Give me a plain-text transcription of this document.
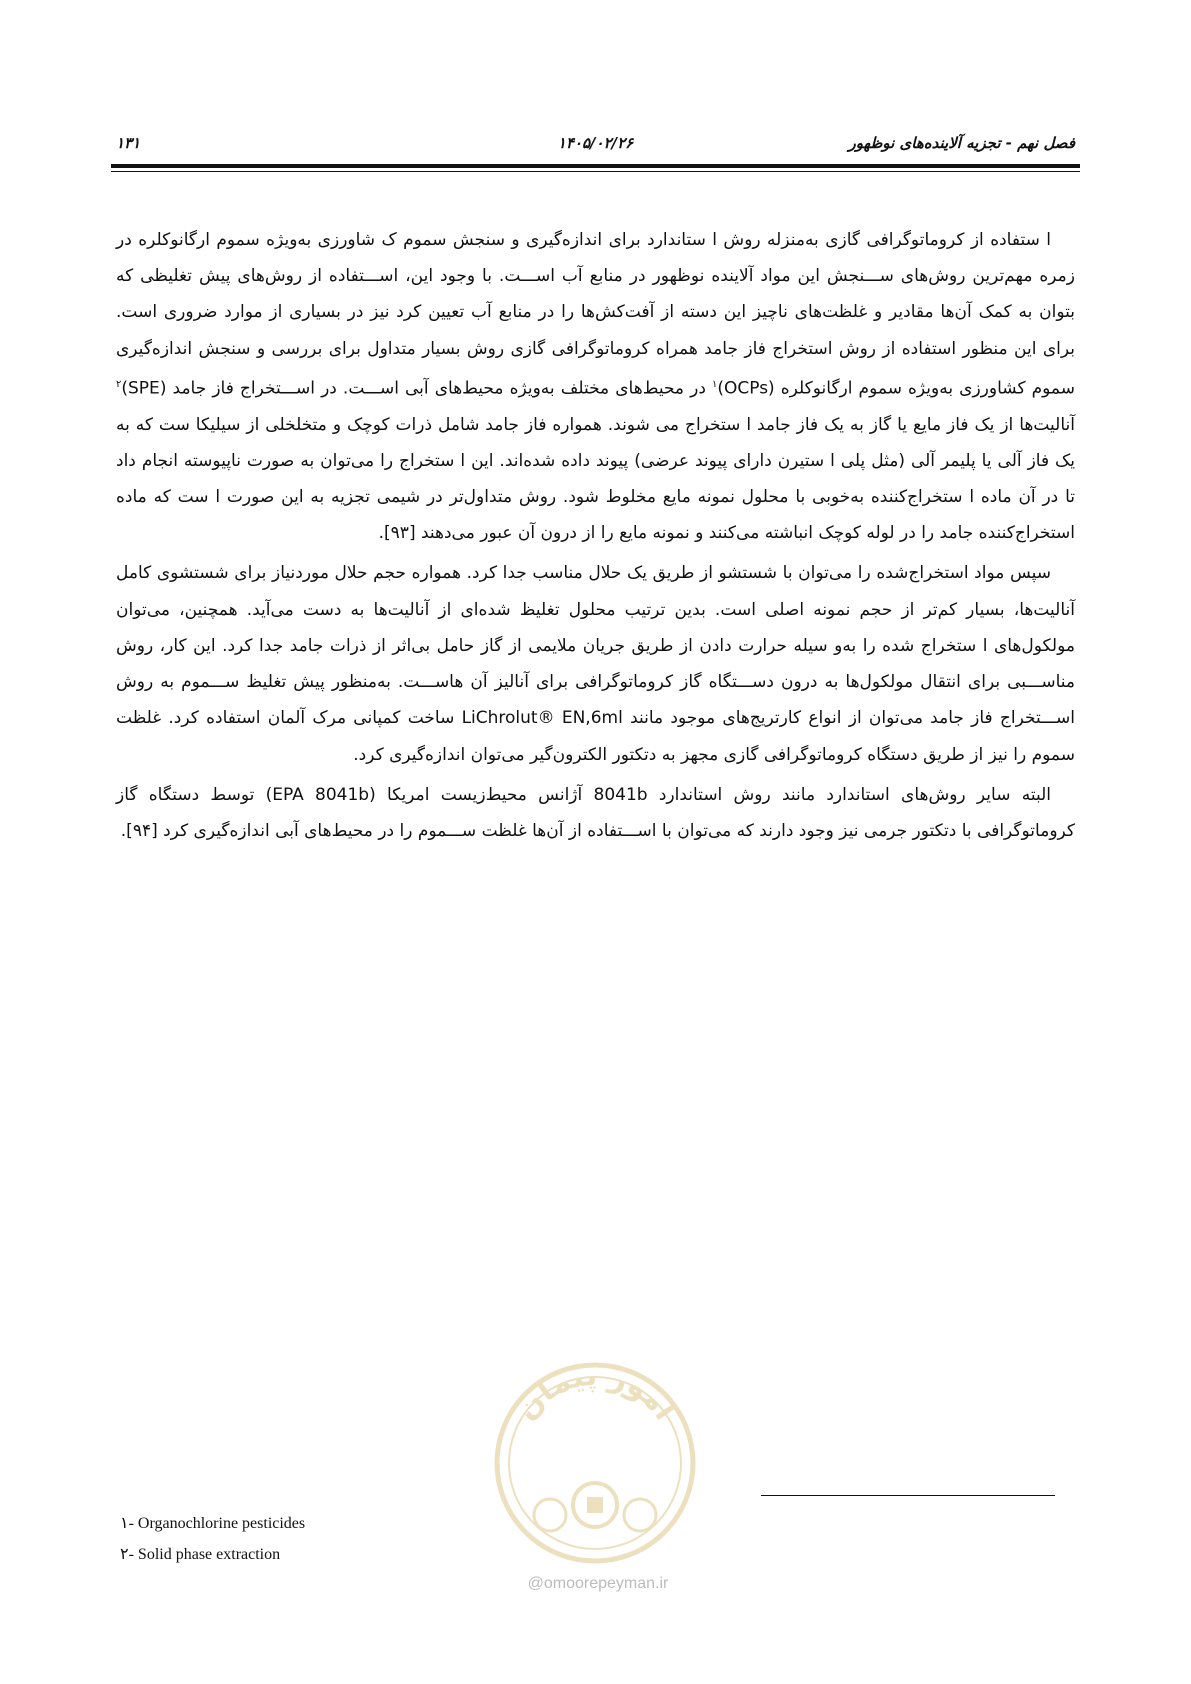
فصل نهم - تجزیه آلاینده‌های نوظهور
۱۴۰۵/۰۲/۲۶
۱۳۱

ا ستفاده از کروماتوگرافی گازی به‌منزله روش ا ستاندارد برای اندازه‌گیری و سنجش سموم ک شاورزی به‌ویژه سموم ارگانوکلره در زمره مهم‌ترین روش‌های ســـنجش این مواد آلاینده نوظهور در منابع آب اســـت. با وجود این، اســـتفاده از روش‌های پیش تغلیظی که بتوان به کمک آن‌ها مقادیر و غلظت‌های ناچیز این دسته از آفت‌کش‌ها را در منابع آب تعیین کرد نیز در بسیاری از موارد ضروری است. برای این منظور استفاده از روش استخراج فاز جامد همراه کروماتوگرافی گازی روش بسیار متداول برای بررسی و سنجش اندازه‌گیری سموم کشاورزی به‌ویژه سموم ارگانوکلره (OCPs)$^۱$ در محیط‌های مختلف به‌ویژه محیط‌های آبی اســـت. در اســـتخراج فاز جامد (SPE)$^۲$ آنالیت‌ها از یک فاز مایع یا گاز به یک فاز جامد ا ستخراج می شوند. همواره فاز جامد شامل ذرات کوچک و متخلخلی از سیلیکا ست که به یک فاز آلی یا پلیمر آلی (مثل پلی ا ستیرن دارای پیوند عرضی) پیوند داده شده‌اند. این ا ستخراج را می‌توان به صورت ناپیوسته انجام داد تا در آن ماده ا ستخراج‌کننده به‌خوبی با محلول نمونه مایع مخلوط شود. روش متداول‌تر در شیمی تجزیه به این صورت ا ست که ماده استخراج‌کننده جامد را در لوله کوچک انباشته می‌کنند و نمونه مایع را از درون آن عبور می‌دهند [۹۳].

سپس مواد استخراج‌شده را می‌توان با شستشو از طریق یک حلال مناسب جدا کرد. همواره حجم حلال موردنیاز برای شستشوی کامل آنالیت‌ها، بسیار کم‌تر از حجم نمونه اصلی است. بدین ترتیب محلول تغلیظ شده‌ای از آنالیت‌ها به دست می‌آید. همچنین، می‌توان مولکول‌های ا ستخراج شده را به‌و سیله حرارت دادن از طریق جریان ملایمی از گاز حامل بی‌اثر از ذرات جامد جدا کرد. این کار، روش مناســـبی برای انتقال مولکول‌ها به درون دســـتگاه گاز کروماتوگرافی برای آنالیز آن هاســـت. به‌منظور پیش تغلیظ ســـموم به روش اســـتخراج فاز جامد می‌توان از انواع کارتریج‌های موجود مانند LiChrolut® EN,6ml ساخت کمپانی مرک آلمان استفاده کرد. غلظت سموم را نیز از طریق دستگاه کروماتوگرافی گازی مجهز به دتکتور الکترون‌گیر می‌توان اندازه‌گیری کرد.

البته سایر روش‌های استاندارد مانند روش استاندارد 8041b آژانس محیط‌زیست امریکا (EPA 8041b) توسط دستگاه گاز کروماتوگرافی با دتکتور جرمی نیز وجود دارند که می‌توان با اســـتفاده از آن‌ها غلظت ســـموم را در محیط‌های آبی اندازه‌گیری کرد [۹۴].

امور پیمان
@omoorepeyman.ir
۱- Organochlorine pesticides
۲- Solid phase extraction
